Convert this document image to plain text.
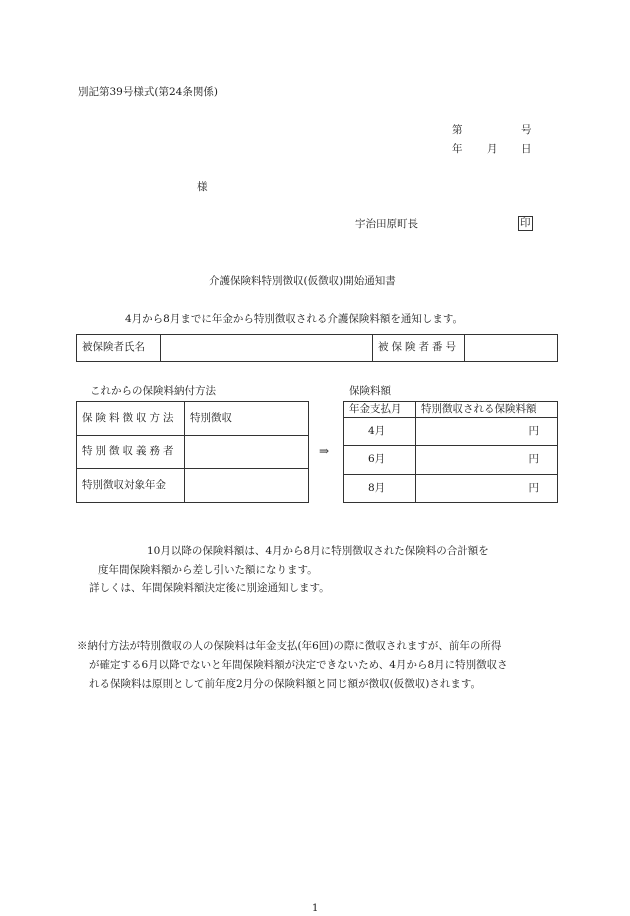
別記第39号様式(第24条関係)
第	号
年 月 日
様
宇治田原町長	印
介護保険料特別徴収(仮徴収)開始通知書
4月から8月までに年金から特別徴収される介護保険料額を通知します。
被保険者氏名		被保険者番号	
これからの保険料納付方法
保険料徴収方法	特別徴収
特別徴収義務者	
特別徴収対象年金	
⇒
保険料額
年金支払月	特別徴収される保険料額
4月	円
6月	円
8月	円
10月以降の保険料額は、4月から8月に特別徴収された保険料の合計額を
度年間保険料額から差し引いた額になります。
詳しくは、年間保険料額決定後に別途通知します。
※納付方法が特別徴収の人の保険料は年金支払(年6回)の際に徴収されますが、前年の所得
が確定する6月以降でないと年間保険料額が決定できないため、4月から8月に特別徴収さ
れる保険料は原則として前年度2月分の保険料額と同じ額が徴収(仮徴収)されます。
1
